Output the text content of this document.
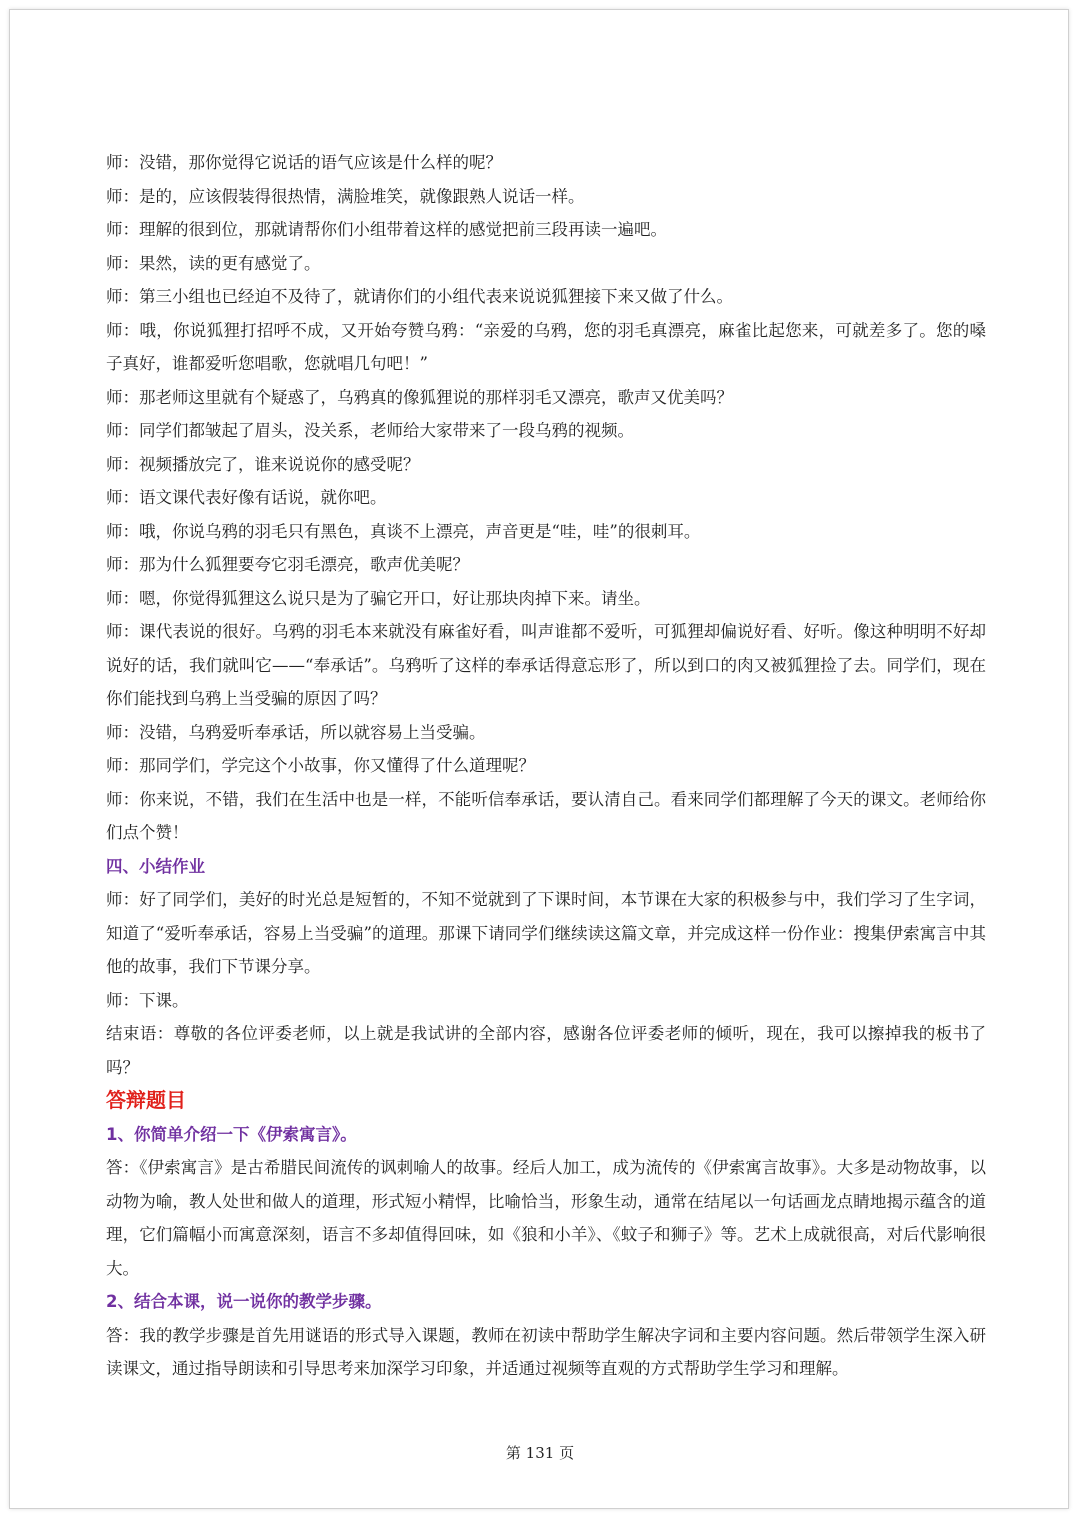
师：没错，那你觉得它说话的语气应该是什么样的呢？

师：是的，应该假装得很热情，满脸堆笑，就像跟熟人说话一样。

师：理解的很到位，那就请帮你们小组带着这样的感觉把前三段再读一遍吧。

师：果然，读的更有感觉了。

师：第三小组也已经迫不及待了，就请你们的小组代表来说说狐狸接下来又做了什么。

师：哦，你说狐狸打招呼不成，又开始夸赞乌鸦：“亲爱的乌鸦，您的羽毛真漂亮，麻雀比起您来，可就差多了。您的嗓子真好，谁都爱听您唱歌，您就唱几句吧！”

师：那老师这里就有个疑惑了，乌鸦真的像狐狸说的那样羽毛又漂亮，歌声又优美吗？

师：同学们都皱起了眉头，没关系，老师给大家带来了一段乌鸦的视频。

师：视频播放完了，谁来说说你的感受呢？

师：语文课代表好像有话说，就你吧。

师：哦，你说乌鸦的羽毛只有黑色，真谈不上漂亮，声音更是“哇，哇”的很刺耳。

师：那为什么狐狸要夸它羽毛漂亮，歌声优美呢？

师：嗯，你觉得狐狸这么说只是为了骗它开口，好让那块肉掉下来。请坐。

师：课代表说的很好。乌鸦的羽毛本来就没有麻雀好看，叫声谁都不爱听，可狐狸却偏说好看、好听。像这种明明不好却说好的话，我们就叫它——“奉承话”。乌鸦听了这样的奉承话得意忘形了，所以到口的肉又被狐狸捡了去。同学们，现在你们能找到乌鸦上当受骗的原因了吗？

师：没错，乌鸦爱听奉承话，所以就容易上当受骗。

师：那同学们，学完这个小故事，你又懂得了什么道理呢？

师：你来说，不错，我们在生活中也是一样，不能听信奉承话，要认清自己。看来同学们都理解了今天的课文。老师给你们点个赞！

四、小结作业

师：好了同学们，美好的时光总是短暂的，不知不觉就到了下课时间，本节课在大家的积极参与中，我们学习了生字词，知道了“爱听奉承话，容易上当受骗”的道理。那课下请同学们继续读这篇文章，并完成这样一份作业：搜集伊索寓言中其他的故事，我们下节课分享。

师：下课。

结束语：尊敬的各位评委老师，以上就是我试讲的全部内容，感谢各位评委老师的倾听，现在，我可以擦掉我的板书了吗？

答辩题目

1、你简单介绍一下《伊索寓言》。

答：《伊索寓言》是古希腊民间流传的讽刺喻人的故事。经后人加工，成为流传的《伊索寓言故事》。大多是动物故事，以动物为喻，教人处世和做人的道理，形式短小精悍，比喻恰当，形象生动，通常在结尾以一句话画龙点睛地揭示蕴含的道理，它们篇幅小而寓意深刻，语言不多却值得回味，如《狼和小羊》、《蚊子和狮子》等。艺术上成就很高，对后代影响很大。

2、结合本课，说一说你的教学步骤。

答：我的教学步骤是首先用谜语的形式导入课题，教师在初读中帮助学生解决字词和主要内容问题。然后带领学生深入研读课文，通过指导朗读和引导思考来加深学习印象，并适通过视频等直观的方式帮助学生学习和理解。

第 131 页
